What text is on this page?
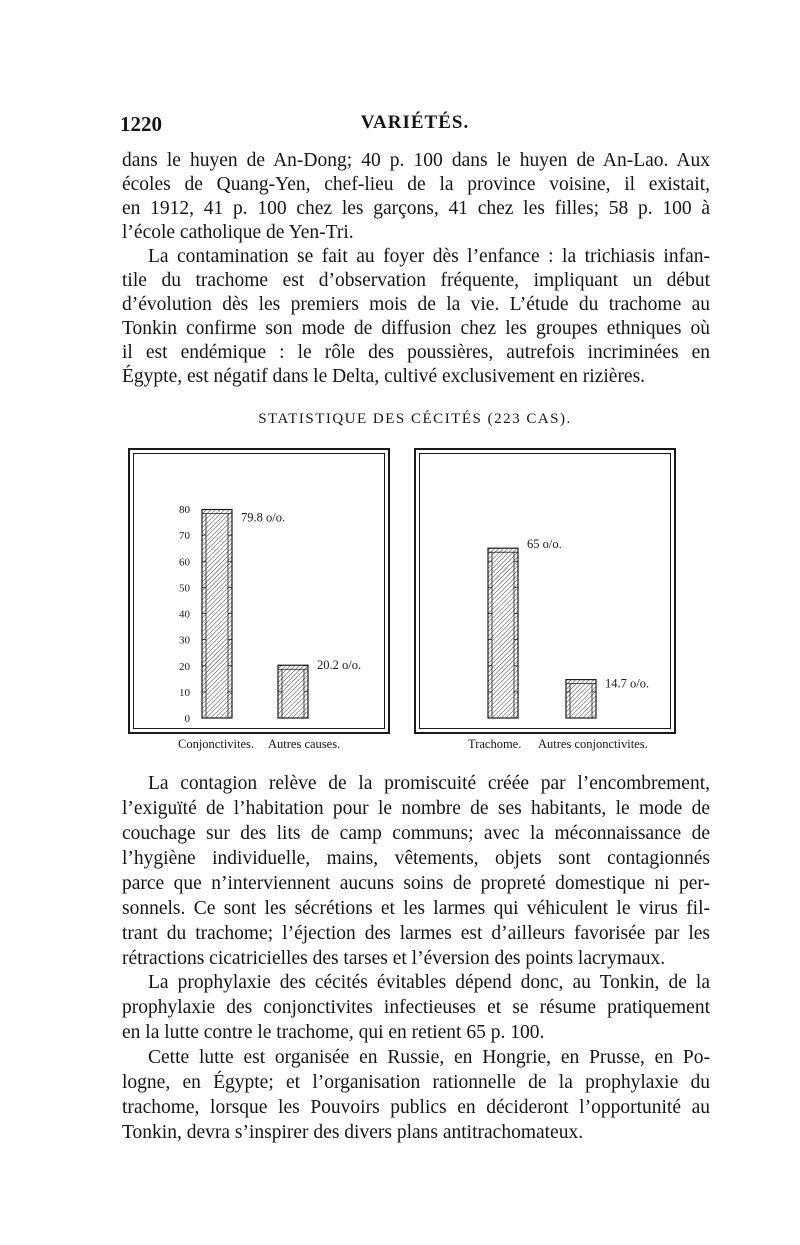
1220	VARIÉTÉS.

dans le huyen de An-Dong; 40 p. 100 dans le huyen de An-Lao. Aux

écoles de Quang-Yen, chef-lieu de la province voisine, il existait,

en 1912, 41 p. 100 chez les garçons, 41 chez les filles; 58 p. 100 à

l’école catholique de Yen-Tri.

La contamination se fait au foyer dès l’enfance : la trichiasis infan-

tile du trachome est d’observation fréquente, impliquant un début

d’évolution dès les premiers mois de la vie. L’étude du trachome au

Tonkin confirme son mode de diffusion chez les groupes ethniques où

il est endémique : le rôle des poussières, autrefois incriminées en

Égypte, est négatif dans le Delta, cultivé exclusivement en rizières.

STATISTIQUE DES CÉCITÉS (223 CAS).
80
70
60
50
40
30
20
10
0
79.8 o/o.
20.2 o/o.
65 o/o.
14.7 o/o.
Conjonctivites. Autres causes.	Trachome. Autres conjonctivites.

La contagion relève de la promiscuité créée par l’encombrement,

l’exiguïté de l’habitation pour le nombre de ses habitants, le mode de

couchage sur des lits de camp communs; avec la méconnaissance de

l’hygiène individuelle, mains, vêtements, objets sont contagionnés

parce que n’interviennent aucuns soins de propreté domestique ni per-

sonnels. Ce sont les sécrétions et les larmes qui véhiculent le virus fil-

trant du trachome; l’éjection des larmes est d’ailleurs favorisée par les

rétractions cicatricielles des tarses et l’éversion des points lacrymaux.

La prophylaxie des cécités évitables dépend donc, au Tonkin, de la

prophylaxie des conjonctivites infectieuses et se résume pratiquement

en la lutte contre le trachome, qui en retient 65 p. 100.

Cette lutte est organisée en Russie, en Hongrie, en Prusse, en Po-

logne, en Égypte; et l’organisation rationnelle de la prophylaxie du

trachome, lorsque les Pouvoirs publics en décideront l’opportunité au

Tonkin, devra s’inspirer des divers plans antitrachomateux.
